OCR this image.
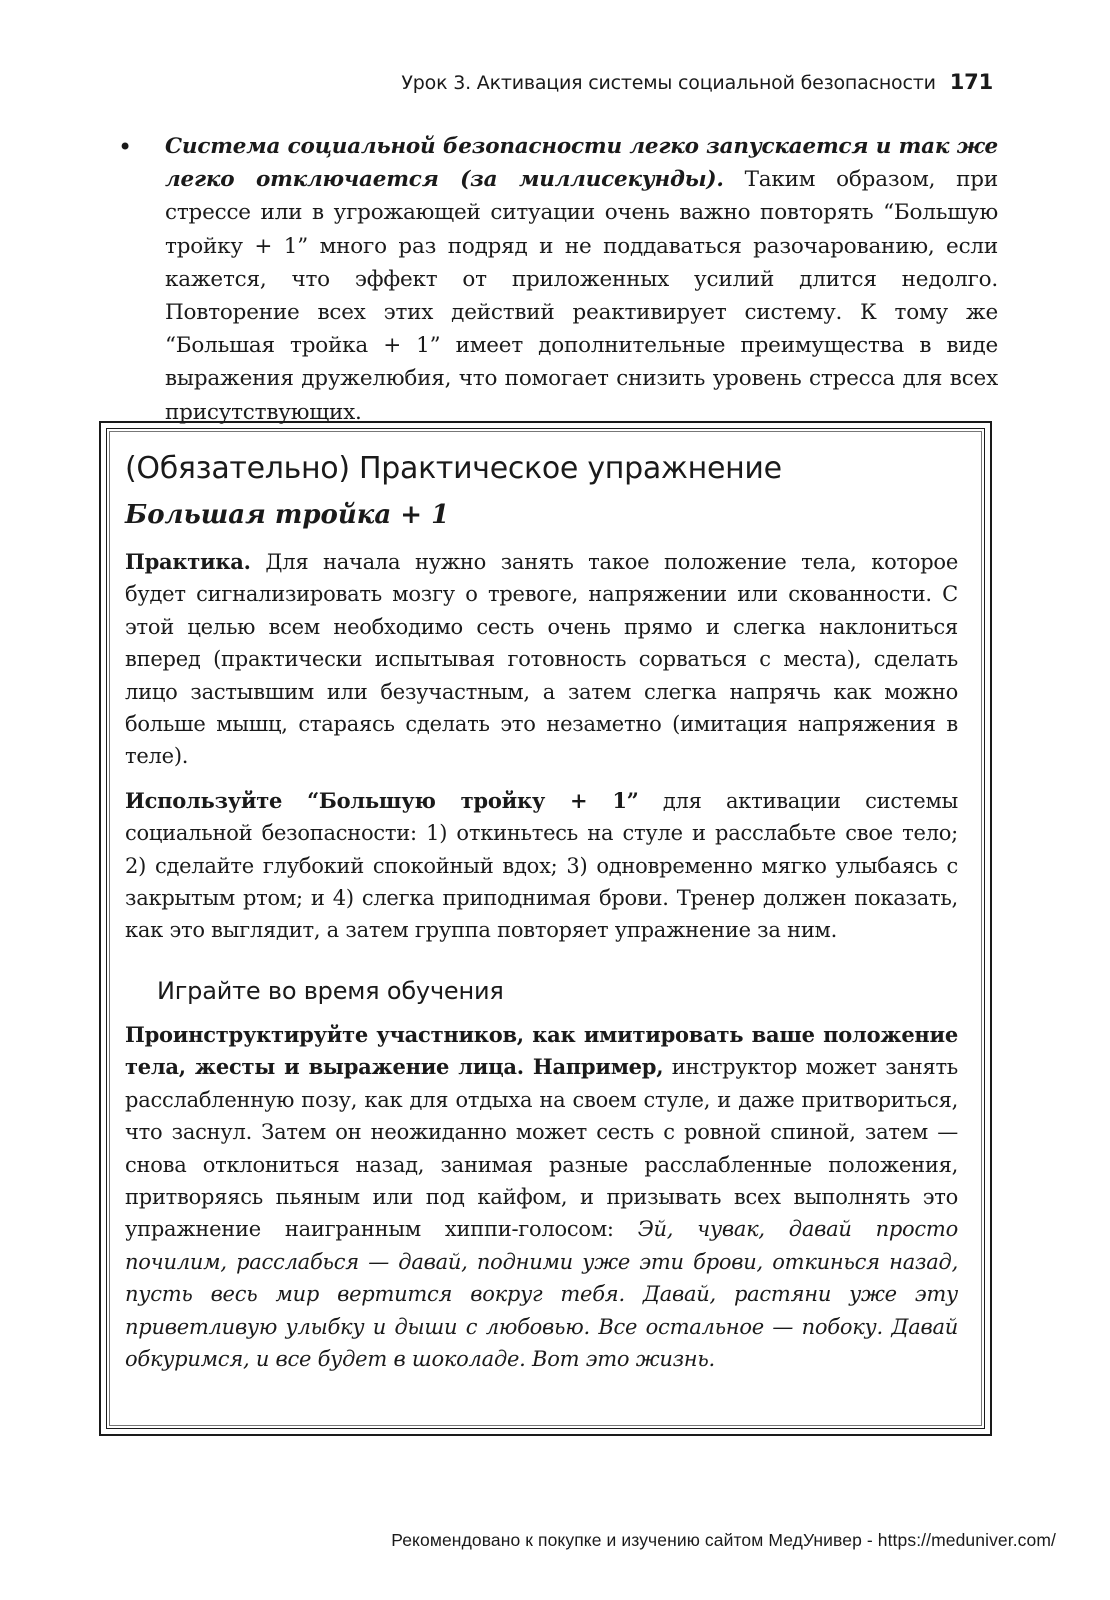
Урок 3. Активация системы социальной безопасности 171
• Система социальной безопасности легко запускается и так же легко отключается (за миллисекунды). Таким образом, при стрессе или в угрожающей ситуации очень важно повторять “Большую тройку + 1” много раз подряд и не поддаваться разочарованию, если кажется, что эффект от приложенных усилий длится недолго. Повторение всех этих действий реактивирует систему. К тому же “Большая тройка + 1” имеет дополнительные преимущества в виде выражения дружелюбия, что помогает снизить уровень стресса для всех присутствующих.
(Обязательно) Практическое упражнение
Большая тройка + 1

Практика. Для начала нужно занять такое положение тела, которое будет сигнализировать мозгу о тревоге, напряжении или скованности. С этой целью всем необходимо сесть очень прямо и слегка наклониться вперед (практически испытывая готовность сорваться с места), сделать лицо застывшим или безучастным, а затем слегка напрячь как можно больше мышц, стараясь сделать это незаметно (имитация напряжения в теле).

Используйте “Большую тройку + 1” для активации системы социальной безопасности: 1) откиньтесь на стуле и расслабьте свое тело; 2) сделайте глубокий спокойный вдох; 3) одновременно мягко улыбаясь с закрытым ртом; и 4) слегка приподнимая брови. Тренер должен показать, как это выглядит, а затем группа повторяет упражнение за ним.

Играйте во время обучения

Проинструктируйте участников, как имитировать ваше положение тела, жесты и выражение лица. Например, инструктор может занять расслабленную позу, как для отдыха на своем стуле, и даже притвориться, что заснул. Затем он неожиданно может сесть с ровной спиной, затем — снова отклониться назад, занимая разные расслабленные положения, притворяясь пьяным или под кайфом, и призывать всех выполнять это упражнение наигранным хиппи-голосом: Эй, чувак, давай просто почилим, расслабься — давай, подними уже эти брови, откинься назад, пусть весь мир вертится вокруг тебя. Давай, растяни уже эту приветливую улыбку и дыши с любовью. Все остальное — побоку. Давай обкуримся, и все будет в шоколаде. Вот это жизнь.

Рекомендовано к покупке и изучению сайтом МедУнивер - https://meduniver.com/
